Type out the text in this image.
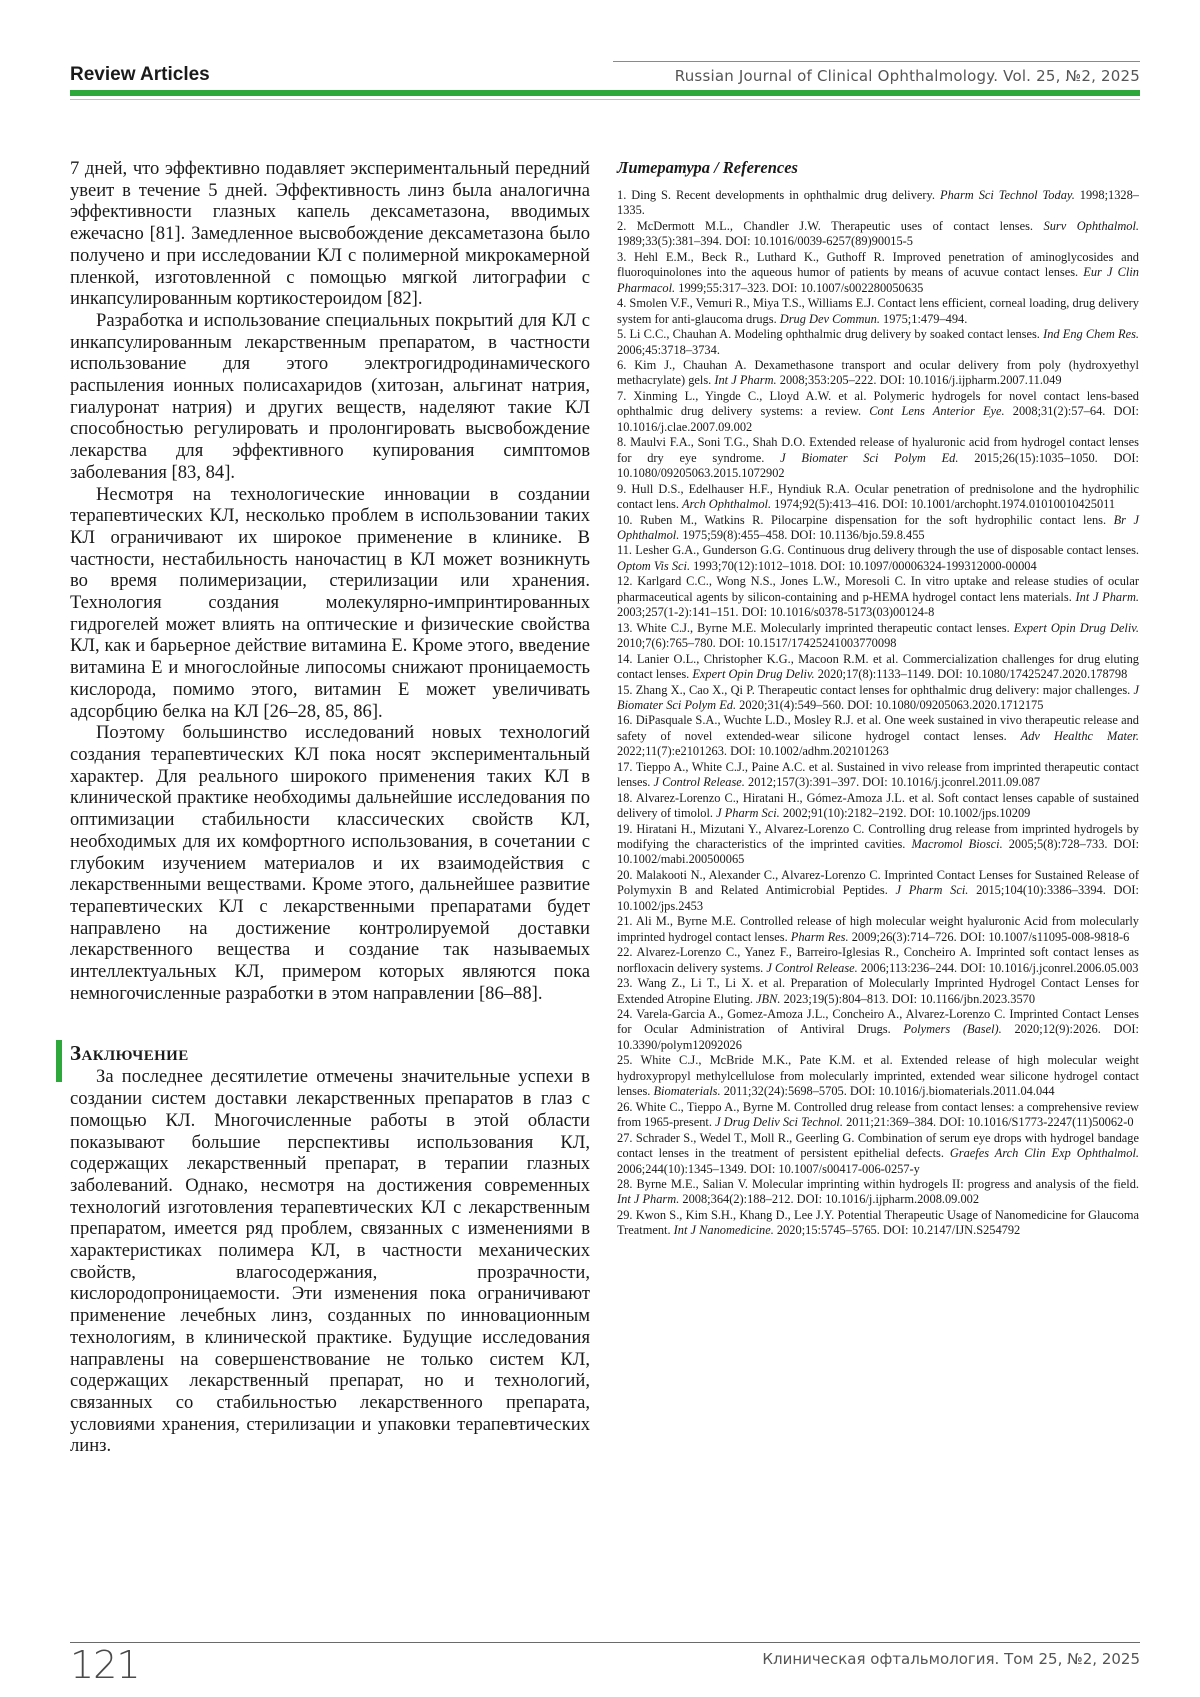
Review Articles	Russian Journal of Clinical Ophthalmology. Vol. 25, №2, 2025

7 дней, что эффективно подавляет экспериментальный передний увеит в течение 5 дней. Эффективность линз была аналогична эффективности глазных капель дексаметазона, вводимых ежечасно [81]. Замедленное высвобождение дексаметазона было получено и при исследовании КЛ с полимерной микрокамерной пленкой, изготовленной с помощью мягкой литографии с инкапсулированным кортикостероидом [82].

Разработка и использование специальных покрытий для КЛ с инкапсулированным лекарственным препаратом, в частности использование для этого электрогидродинамического распыления ионных полисахаридов (хитозан, альгинат натрия, гиалуронат натрия) и других веществ, наделяют такие КЛ способностью регулировать и пролонгировать высвобождение лекарства для эффективного купирования симптомов заболевания [83, 84].

Несмотря на технологические инновации в создании терапевтических КЛ, несколько проблем в использовании таких КЛ ограничивают их широкое применение в клинике. В частности, нестабильность наночастиц в КЛ может возникнуть во время полимеризации, стерилизации или хранения. Технология создания молекулярно-импринтированных гидрогелей может влиять на оптические и физические свойства КЛ, как и барьерное действие витамина Е. Кроме этого, введение витамина Е и многослойные липосомы снижают проницаемость кислорода, помимо этого, витамин Е может увеличивать адсорбцию белка на КЛ [26–28, 85, 86].

Поэтому большинство исследований новых технологий создания терапевтических КЛ пока носят экспериментальный характер. Для реального широкого применения таких КЛ в клинической практике необходимы дальнейшие исследования по оптимизации стабильности классических свойств КЛ, необходимых для их комфортного использования, в сочетании с глубоким изучением материалов и их взаимодействия с лекарственными веществами. Кроме этого, дальнейшее развитие терапевтических КЛ с лекарственными препаратами будет направлено на достижение контролируемой доставки лекарственного вещества и создание так называемых интеллектуальных КЛ, примером которых являются пока немногочисленные разработки в этом направлении [86–88].

Заключение

За последнее десятилетие отмечены значительные успехи в создании систем доставки лекарственных препаратов в глаз с помощью КЛ. Многочисленные работы в этой области показывают большие перспективы использования КЛ, содержащих лекарственный препарат, в терапии глазных заболеваний. Однако, несмотря на достижения современных технологий изготовления терапевтических КЛ с лекарственным препаратом, имеется ряд проблем, связанных с изменениями в характеристиках полимера КЛ, в частности механических свойств, влагосодержания, прозрачности, кислородопроницаемости. Эти изменения пока ограничивают применение лечебных линз, созданных по инновационным технологиям, в клинической практике. Будущие исследования направлены на совершенствование не только систем КЛ, содержащих лекарственный препарат, но и технологий, связанных со стабильностью лекарственного препарата, условиями хранения, стерилизации и упаковки терапевтических линз.

Литература / References

1. Ding S. Recent developments in ophthalmic drug delivery. Pharm Sci Technol Today. 1998;1328–1335.

2. McDermott M.L., Chandler J.W. Therapeutic uses of contact lenses. Surv Ophthalmol. 1989;33(5):381–394. DOI: 10.1016/0039-6257(89)90015-5

3. Hehl E.M., Beck R., Luthard K., Guthoff R. Improved penetration of aminoglycosides and fluoroquinolones into the aqueous humor of patients by means of acuvue contact lenses. Eur J Clin Pharmacol. 1999;55:317–323. DOI: 10.1007/s002280050635

4. Smolen V.F., Vemuri R., Miya T.S., Williams E.J. Contact lens efficient, corneal loading, drug delivery system for anti-glaucoma drugs. Drug Dev Commun. 1975;1:479–494.

5. Li C.C., Chauhan A. Modeling ophthalmic drug delivery by soaked contact lenses. Ind Eng Chem Res. 2006;45:3718–3734.

6. Kim J., Chauhan A. Dexamethasone transport and ocular delivery from poly (hydroxyethyl methacrylate) gels. Int J Pharm. 2008;353:205–222. DOI: 10.1016/j.ijpharm.2007.11.049

7. Xinming L., Yingde C., Lloyd A.W. et al. Polymeric hydrogels for novel contact lens-based ophthalmic drug delivery systems: a review. Cont Lens Anterior Eye. 2008;31(2):57–64. DOI: 10.1016/j.clae.2007.09.002

8. Maulvi F.A., Soni T.G., Shah D.O. Extended release of hyaluronic acid from hydrogel contact lenses for dry eye syndrome. J Biomater Sci Polym Ed. 2015;26(15):1035–1050. DOI: 10.1080/09205063.2015.1072902

9. Hull D.S., Edelhauser H.F., Hyndiuk R.A. Ocular penetration of prednisolone and the hydrophilic contact lens. Arch Ophthalmol. 1974;92(5):413–416. DOI: 10.1001/archopht.1974.01010010425011

10. Ruben M., Watkins R. Pilocarpine dispensation for the soft hydrophilic contact lens. Br J Ophthalmol. 1975;59(8):455–458. DOI: 10.1136/bjo.59.8.455

11. Lesher G.A., Gunderson G.G. Continuous drug delivery through the use of disposable contact lenses. Optom Vis Sci. 1993;70(12):1012–1018. DOI: 10.1097/00006324-199312000-00004

12. Karlgard C.C., Wong N.S., Jones L.W., Moresoli C. In vitro uptake and release studies of ocular pharmaceutical agents by silicon-containing and p-HEMA hydrogel contact lens materials. Int J Pharm. 2003;257(1-2):141–151. DOI: 10.1016/s0378-5173(03)00124-8

13. White C.J., Byrne M.E. Molecularly imprinted therapeutic contact lenses. Expert Opin Drug Deliv. 2010;7(6):765–780. DOI: 10.1517/17425241003770098

14. Lanier O.L., Christopher K.G., Macoon R.M. et al. Commercialization challenges for drug eluting contact lenses. Expert Opin Drug Deliv. 2020;17(8):1133–1149. DOI: 10.1080/17425247.2020.178798

15. Zhang X., Cao X., Qi P. Therapeutic contact lenses for ophthalmic drug delivery: major challenges. J Biomater Sci Polym Ed. 2020;31(4):549–560. DOI: 10.1080/09205063.2020.1712175

16. DiPasquale S.A., Wuchte L.D., Mosley R.J. et al. One week sustained in vivo therapeutic release and safety of novel extended-wear silicone hydrogel contact lenses. Adv Healthc Mater. 2022;11(7):e2101263. DOI: 10.1002/adhm.202101263

17. Tieppo A., White C.J., Paine A.C. et al. Sustained in vivo release from imprinted therapeutic contact lenses. J Control Release. 2012;157(3):391–397. DOI: 10.1016/j.jconrel.2011.09.087

18. Alvarez-Lorenzo C., Hiratani H., Gómez-Amoza J.L. et al. Soft contact lenses capable of sustained delivery of timolol. J Pharm Sci. 2002;91(10):2182–2192. DOI: 10.1002/jps.10209

19. Hiratani H., Mizutani Y., Alvarez-Lorenzo C. Controlling drug release from imprinted hydrogels by modifying the characteristics of the imprinted cavities. Macromol Biosci. 2005;5(8):728–733. DOI: 10.1002/mabi.200500065

20. Malakooti N., Alexander C., Alvarez-Lorenzo C. Imprinted Contact Lenses for Sustained Release of Polymyxin B and Related Antimicrobial Peptides. J Pharm Sci. 2015;104(10):3386–3394. DOI: 10.1002/jps.2453

21. Ali M., Byrne M.E. Controlled release of high molecular weight hyaluronic Acid from molecularly imprinted hydrogel contact lenses. Pharm Res. 2009;26(3):714–726. DOI: 10.1007/s11095-008-9818-6

22. Alvarez-Lorenzo C., Yanez F., Barreiro-Iglesias R., Concheiro A. Imprinted soft contact lenses as norfloxacin delivery systems. J Control Release. 2006;113:236–244. DOI: 10.1016/j.jconrel.2006.05.003

23. Wang Z., Li T., Li X. et al. Preparation of Molecularly Imprinted Hydrogel Contact Lenses for Extended Atropine Eluting. JBN. 2023;19(5):804–813. DOI: 10.1166/jbn.2023.3570

24. Varela-Garcia A., Gomez-Amoza J.L., Concheiro A., Alvarez-Lorenzo C. Imprinted Contact Lenses for Ocular Administration of Antiviral Drugs. Polymers (Basel). 2020;12(9):2026. DOI: 10.3390/polym12092026

25. White C.J., McBride M.K., Pate K.M. et al. Extended release of high molecular weight hydroxypropyl methylcellulose from molecularly imprinted, extended wear silicone hydrogel contact lenses. Biomaterials. 2011;32(24):5698–5705. DOI: 10.1016/j.biomaterials.2011.04.044

26. White C., Tieppo A., Byrne M. Controlled drug release from contact lenses: a comprehensive review from 1965-present. J Drug Deliv Sci Technol. 2011;21:369–384. DOI: 10.1016/S1773-2247(11)50062-0

27. Schrader S., Wedel T., Moll R., Geerling G. Combination of serum eye drops with hydrogel bandage contact lenses in the treatment of persistent epithelial defects. Graefes Arch Clin Exp Ophthalmol. 2006;244(10):1345–1349. DOI: 10.1007/s00417-006-0257-y

28. Byrne M.E., Salian V. Molecular imprinting within hydrogels II: progress and analysis of the field. Int J Pharm. 2008;364(2):188–212. DOI: 10.1016/j.ijpharm.2008.09.002

29. Kwon S., Kim S.H., Khang D., Lee J.Y. Potential Therapeutic Usage of Nanomedicine for Glaucoma Treatment. Int J Nanomedicine. 2020;15:5745–5765. DOI: 10.2147/IJN.S254792

121	Клиническая офтальмология. Том 25, №2, 2025
